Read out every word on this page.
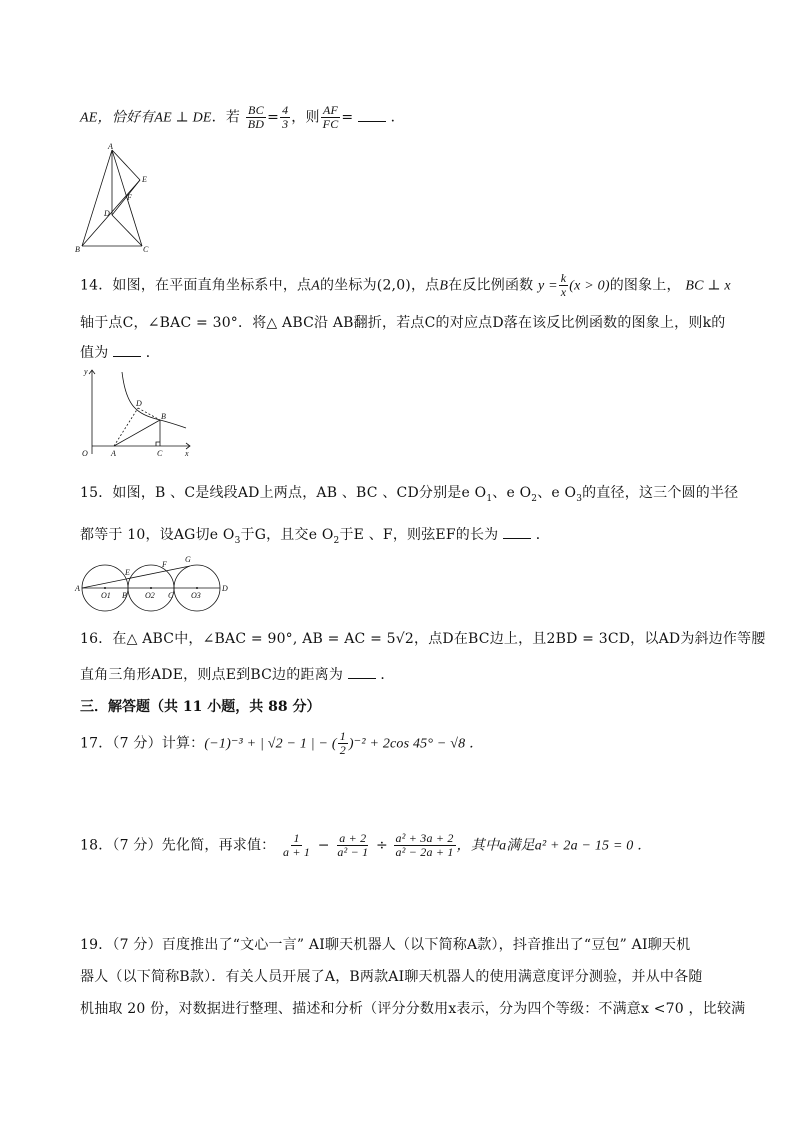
AE，恰好有AE ⊥ DE．若 $\frac{BC}{BD} = \frac{4}{3}$ ，则 $\frac{AF}{FC}$ =	．
A
E
F
D
B	C
14．如图，在平面直角坐标系中，点A的坐标为(2,0)，点B在反比例函数 $y = \frac{k}{x} (x > 0)$的图象上， BC ⊥ x
轴于点C，∠BAC = 30°．将△ ABC沿 AB翻折，若点C的对应点D落在该反比例函数的图象上，则k的
值为	．
y
D
B
O	A	C	x
15．如图，B 、C是线段AD上两点，AB 、BC 、CD分别是e $O_1$、e $O_2$、e $O_3$的直径，这三个圆的半径
都等于 10，设AG切e $O_3$于G，且交e $O_2$于E 、F，则弦EF的长为	．
A
E
F
G
D
O1 B O2 C O3
16．在△ ABC中，∠BAC = 90°, AB = AC = 5√2，点D在BC边上，且2BD = 3CD，以AD为斜边作等腰
直角三角形ADE，则点E到BC边的距离为	．
三．解答题（共 11 小题，共 88 分）
17．（7 分）计算：(−1)⁻³ + | √2 − 1 | − ( $\frac{1}{2} )^{-2} + 2\cos$ 45° − √8 ．
18．（7 分）先化简，再求值： $\frac{1}{a + 1} - \frac{a + 2}{\text{a² − 1}} \div \frac{\text{a² + 3a + 2}}{\text{a² − 2a + 1}}$ ，其中a满足a² + 2a − 15 = 0 ．
19．（7 分）百度推出了“文心一言” AI聊天机器人（以下简称A款），抖音推出了“豆包” AI聊天机
器人（以下简称B款）．有关人员开展了A，B两款AI聊天机器人的使用满意度评分测验，并从中各随
机抽取 20 份，对数据进行整理、描述和分析（评分分数用x表示，分为四个等级：不满意x <70 ，比较满
